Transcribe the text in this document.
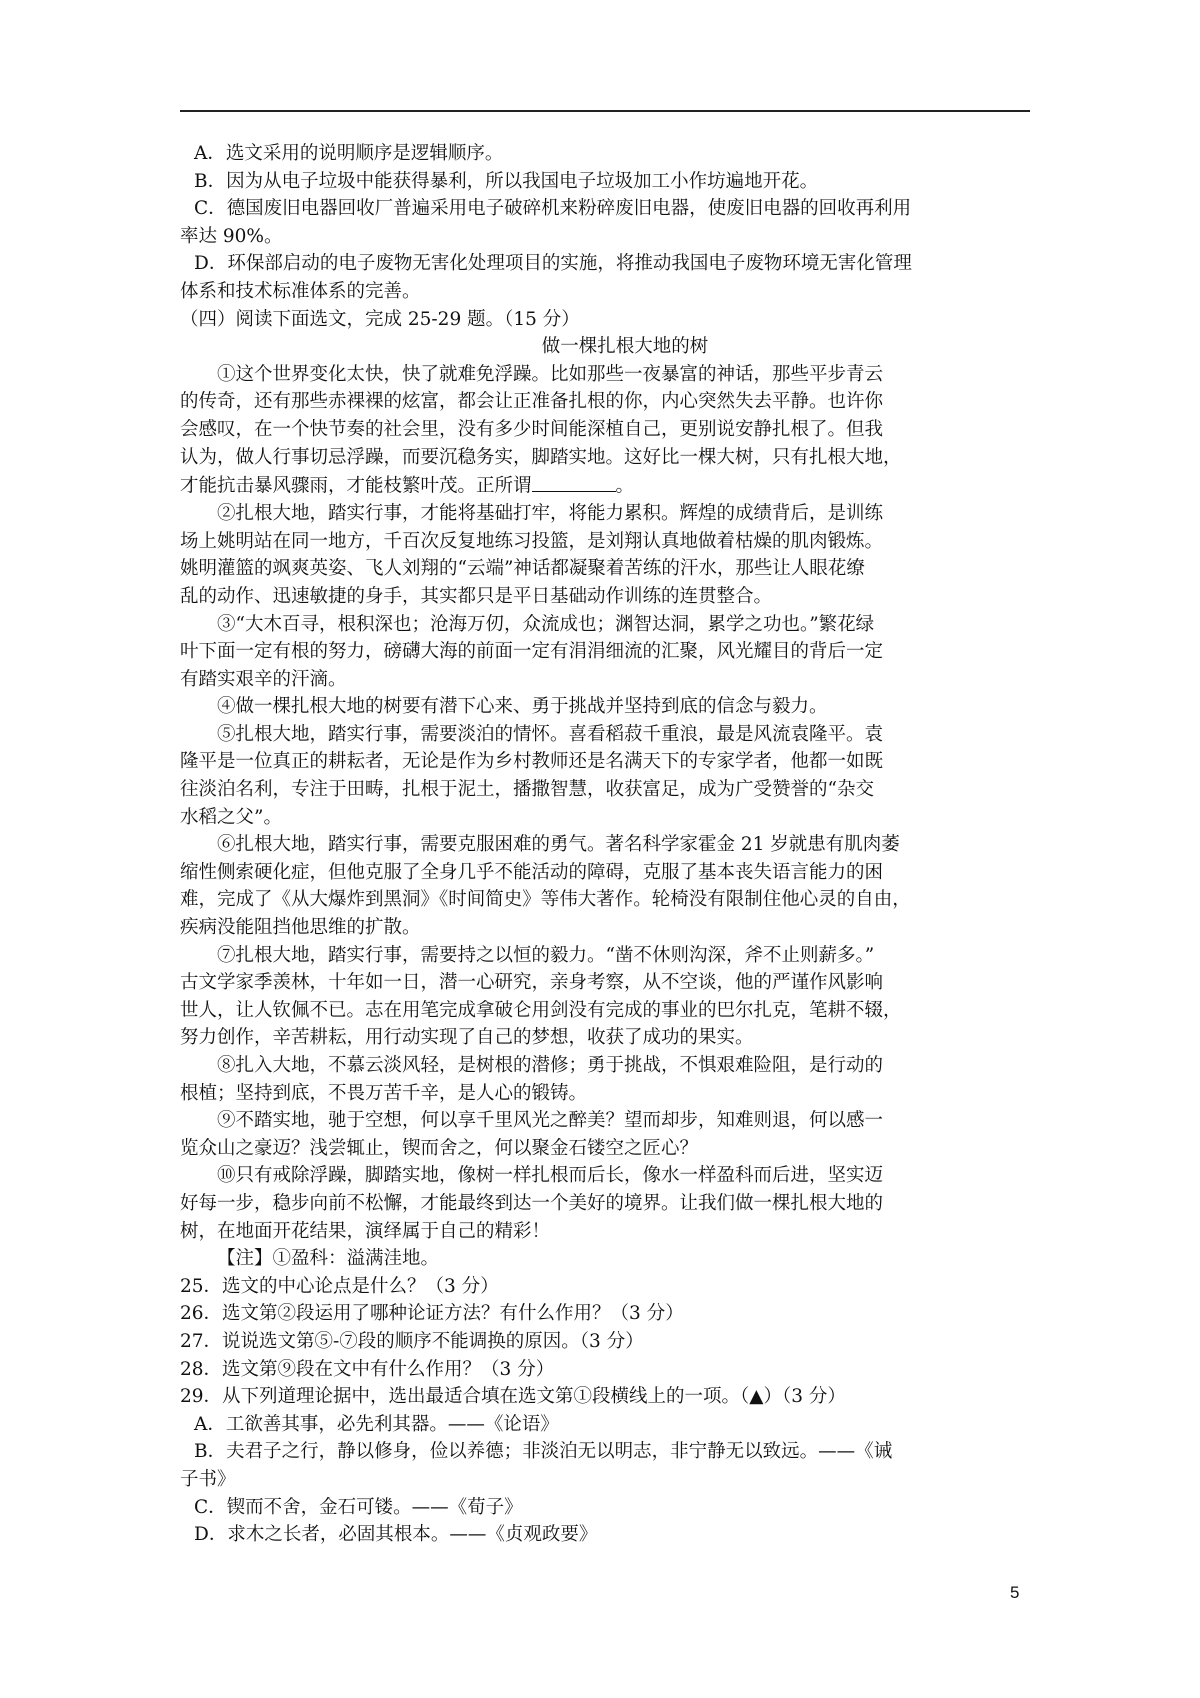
A．选文采用的说明顺序是逻辑顺序。
B．因为从电子垃圾中能获得暴利，所以我国电子垃圾加工小作坊遍地开花。
C．德国废旧电器回收厂普遍采用电子破碎机来粉碎废旧电器，使废旧电器的回收再利用
率达 90%。
D．环保部启动的电子废物无害化处理项目的实施，将推动我国电子废物环境无害化管理
体系和技术标准体系的完善。
（四）阅读下面选文，完成 25-29 题。（15 分）
做一棵扎根大地的树
①这个世界变化太快，快了就难免浮躁。比如那些一夜暴富的神话，那些平步青云
的传奇，还有那些赤裸裸的炫富，都会让正准备扎根的你，内心突然失去平静。也许你
会感叹，在一个快节奏的社会里，没有多少时间能深植自己，更别说安静扎根了。但我
认为，做人行事切忌浮躁，而要沉稳务实，脚踏实地。这好比一棵大树，只有扎根大地，
才能抗击暴风骤雨，才能枝繁叶茂。正所谓	。
②扎根大地，踏实行事，才能将基础打牢，将能力累积。辉煌的成绩背后，是训练
场上姚明站在同一地方，千百次反复地练习投篮，是刘翔认真地做着枯燥的肌肉锻炼。
姚明灌篮的飒爽英姿、飞人刘翔的“云端”神话都凝聚着苦练的汗水，那些让人眼花缭
乱的动作、迅速敏捷的身手，其实都只是平日基础动作训练的连贯整合。
③“大木百寻，根积深也；沧海万仞，众流成也；渊智达洞，累学之功也。”繁花绿
叶下面一定有根的努力，磅礴大海的前面一定有涓涓细流的汇聚，风光耀目的背后一定
有踏实艰辛的汗滴。
④做一棵扎根大地的树要有潜下心来、勇于挑战并坚持到底的信念与毅力。
⑤扎根大地，踏实行事，需要淡泊的情怀。喜看稻菽千重浪，最是风流袁隆平。袁
隆平是一位真正的耕耘者，无论是作为乡村教师还是名满天下的专家学者，他都一如既
往淡泊名利，专注于田畴，扎根于泥土，播撒智慧，收获富足，成为广受赞誉的“杂交
水稻之父”。
⑥扎根大地，踏实行事，需要克服困难的勇气。著名科学家霍金 21 岁就患有肌肉萎
缩性侧索硬化症，但他克服了全身几乎不能活动的障碍，克服了基本丧失语言能力的困
难，完成了《从大爆炸到黑洞》《时间简史》等伟大著作。轮椅没有限制住他心灵的自由，
疾病没能阻挡他思维的扩散。
⑦扎根大地，踏实行事，需要持之以恒的毅力。“凿不休则沟深，斧不止则薪多。”
古文学家季羡林，十年如一日，潜一心研究，亲身考察，从不空谈，他的严谨作风影响
世人，让人钦佩不已。志在用笔完成拿破仑用剑没有完成的事业的巴尔扎克，笔耕不辍，
努力创作，辛苦耕耘，用行动实现了自己的梦想，收获了成功的果实。
⑧扎入大地，不慕云淡风轻，是树根的潜修；勇于挑战，不惧艰难险阻，是行动的
根植；坚持到底，不畏万苦千辛，是人心的锻铸。
⑨不踏实地，驰于空想，何以享千里风光之醉美？望而却步，知难则退，何以感一
览众山之豪迈？浅尝辄止，锲而舍之，何以聚金石镂空之匠心？
⑩只有戒除浮躁，脚踏实地，像树一样扎根而后长，像水一样盈科而后进，坚实迈
好每一步，稳步向前不松懈，才能最终到达一个美好的境界。让我们做一棵扎根大地的
树，在地面开花结果，演绎属于自己的精彩！
【注】①盈科：溢满洼地。
25．选文的中心论点是什么？（3 分）
26．选文第②段运用了哪种论证方法？有什么作用？（3 分）
27．说说选文第⑤-⑦段的顺序不能调换的原因。（3 分）
28．选文第⑨段在文中有什么作用？（3 分）
29．从下列道理论据中，选出最适合填在选文第①段横线上的一项。（▲）（3 分）
A．工欲善其事，必先利其器。——《论语》
B．夫君子之行，静以修身，俭以养德；非淡泊无以明志，非宁静无以致远。——《诫
子书》
C．锲而不舍，金石可镂。——《荀子》
D．求木之长者，必固其根本。——《贞观政要》
5
